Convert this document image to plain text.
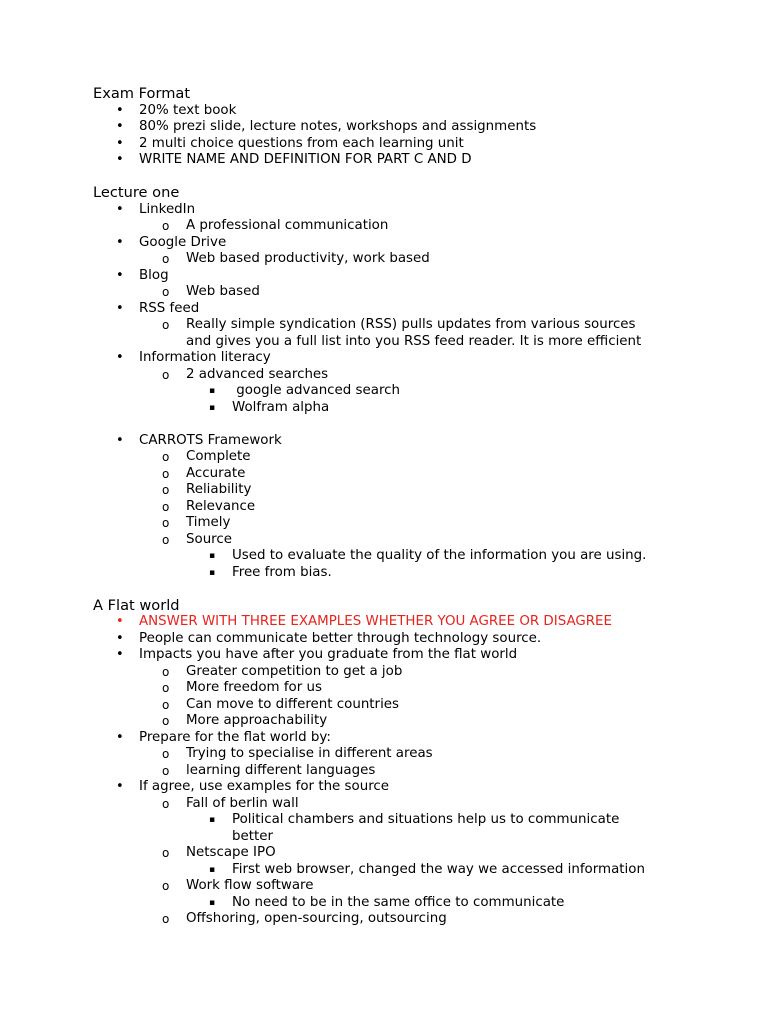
Exam Format
• 20% text book
• 80% prezi slide, lecture notes, workshops and assignments
• 2 multi choice questions from each learning unit
• WRITE NAME AND DEFINITION FOR PART C AND D
Lecture one
• LinkedIn
o A professional communication
• Google Drive
o Web based productivity, work based
• Blog
o Web based
• RSS feed
o Really simple syndication (RSS) pulls updates from various sources
and gives you a full list into you RSS feed reader. It is more efficient
• Information literacy
o 2 advanced searches
▪ google advanced search
▪ Wolfram alpha
• CARROTS Framework
o Complete
o Accurate
o Reliability
o Relevance
o Timely
o Source
▪ Used to evaluate the quality of the information you are using.
▪ Free from bias.
A Flat world
• ANSWER WITH THREE EXAMPLES WHETHER YOU AGREE OR DISAGREE
• People can communicate better through technology source.
• Impacts you have after you graduate from the flat world
o Greater competition to get a job
o More freedom for us
o Can move to different countries
o More approachability
• Prepare for the flat world by:
o Trying to specialise in different areas
o learning different languages
• If agree, use examples for the source
o Fall of berlin wall
▪ Political chambers and situations help us to communicate
better
o Netscape IPO
▪ First web browser, changed the way we accessed information
o Work flow software
▪ No need to be in the same office to communicate
o Offshoring, open-sourcing, outsourcing
